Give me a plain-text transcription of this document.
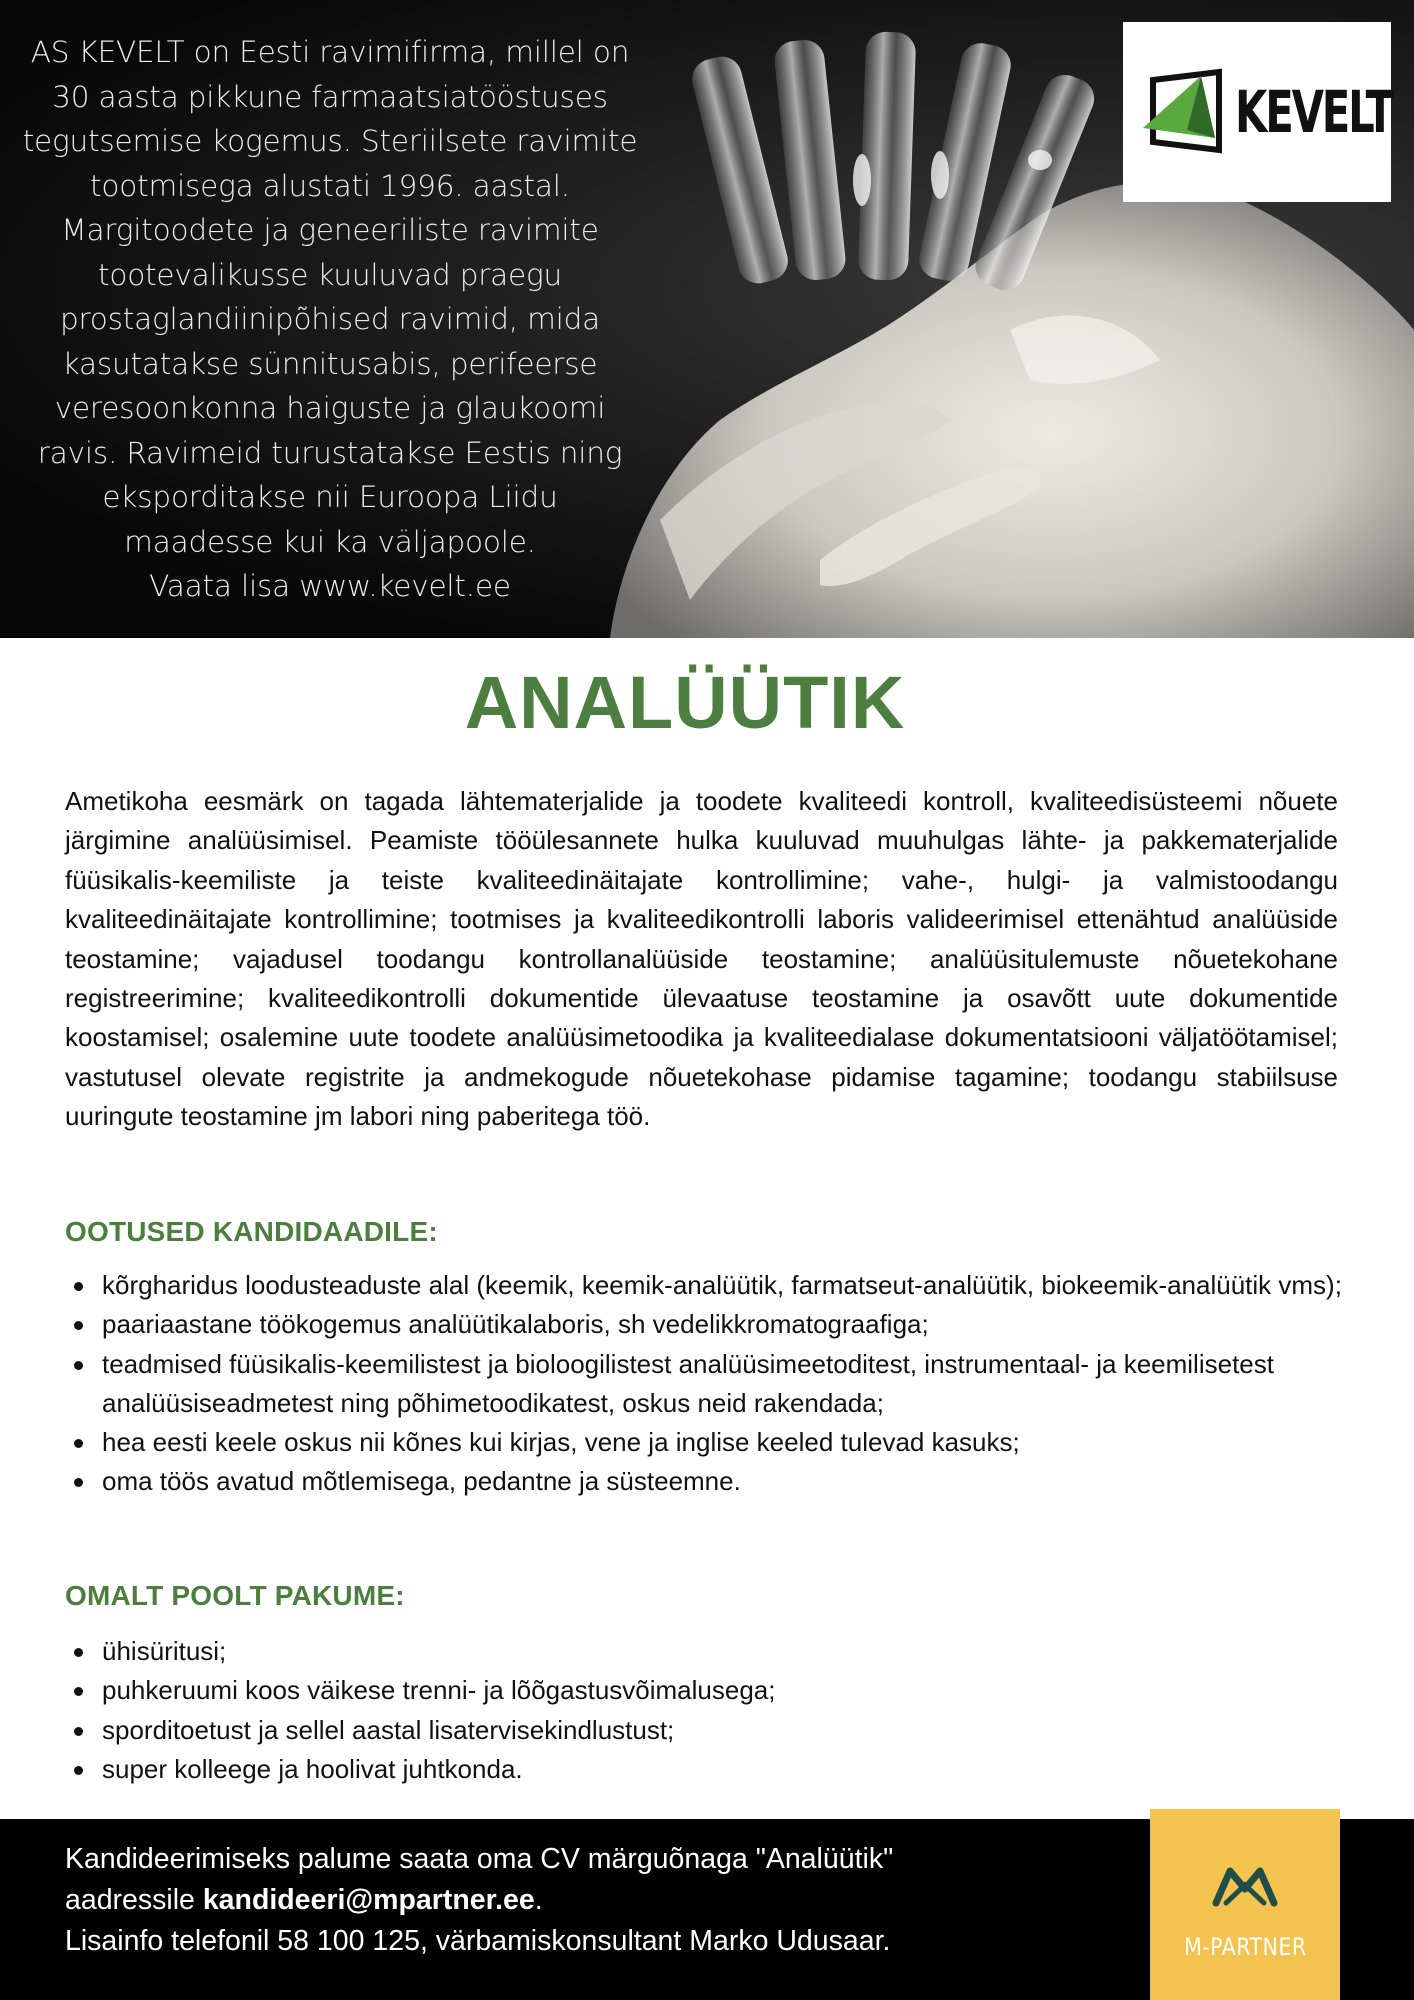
AS KEVELT on Eesti ravimifirma, millel on
30 aasta pikkune farmaatsiatööstuses
tegutsemise kogemus. Steriilsete ravimite
tootmisega alustati 1996. aastal.
Margitoodete ja geneeriliste ravimite
tootevalikusse kuuluvad praegu
prostaglandiinipõhised ravimid, mida
kasutatakse sünnitusabis, perifeerse
veresoonkonna haiguste ja glaukoomi
ravis. Ravimeid turustatakse Eestis ning
eksporditakse nii Euroopa Liidu
maadesse kui ka väljapoole.
Vaata lisa www.kevelt.ee

KEVELT
ANALÜÜTIK

Ametikoha eesmärk on tagada lähtematerjalide ja toodete kvaliteedi kontroll, kvaliteedisüsteemi nõuete järgimine analüüsimisel. Peamiste tööülesannete hulka kuuluvad muuhulgas lähte- ja pakkematerjalide füüsikalis-keemiliste ja teiste kvaliteedinäitajate kontrollimine; vahe-, hulgi- ja valmistoodangu kvaliteedinäitajate kontrollimine; tootmises ja kvaliteedikontrolli laboris valideerimisel ettenähtud analüüside teostamine; vajadusel toodangu kontrollanalüüside teostamine; analüüsitulemuste nõuetekohane registreerimine; kvaliteedikontrolli dokumentide ülevaatuse teostamine ja osavõtt uute dokumentide koostamisel; osalemine uute toodete analüüsimetoodika ja kvaliteedialase dokumentatsiooni väljatöötamisel; vastutusel olevate registrite ja andmekogude nõuetekohase pidamise tagamine; toodangu stabiilsuse uuringute teostamine jm labori ning paberitega töö.

OOTUSED KANDIDAADILE:
kõrgharidus loodusteaduste alal (keemik, keemik-analüütik, farmatseut-analüütik, biokeemik-analüütik vms);
paariaastane töökogemus analüütikalaboris, sh vedelikkromatograafiga;
teadmised füüsikalis-keemilistest ja bioloogilistest analüüsimeetoditest, instrumentaal- ja keemilisetest analüüsiseadmetest ning põhimetoodikatest, oskus neid rakendada;
hea eesti keele oskus nii kõnes kui kirjas, vene ja inglise keeled tulevad kasuks;
oma töös avatud mõtlemisega, pedantne ja süsteemne.
OMALT POOLT PAKUME:
ühisüritusi;
puhkeruumi koos väikese trenni- ja lõõgastusvõimalusega;
sporditoetust ja sellel aastal lisatervisekindlustust;
super kolleege ja hoolivat juhtkonda.
Kandideerimiseks palume saata oma CV märguõnaga "Analüütik"
aadressile kandideeri@mpartner.ee.
Lisainfo telefonil 58 100 125, värbamiskonsultant Marko Udusaar.	M-PARTNER
